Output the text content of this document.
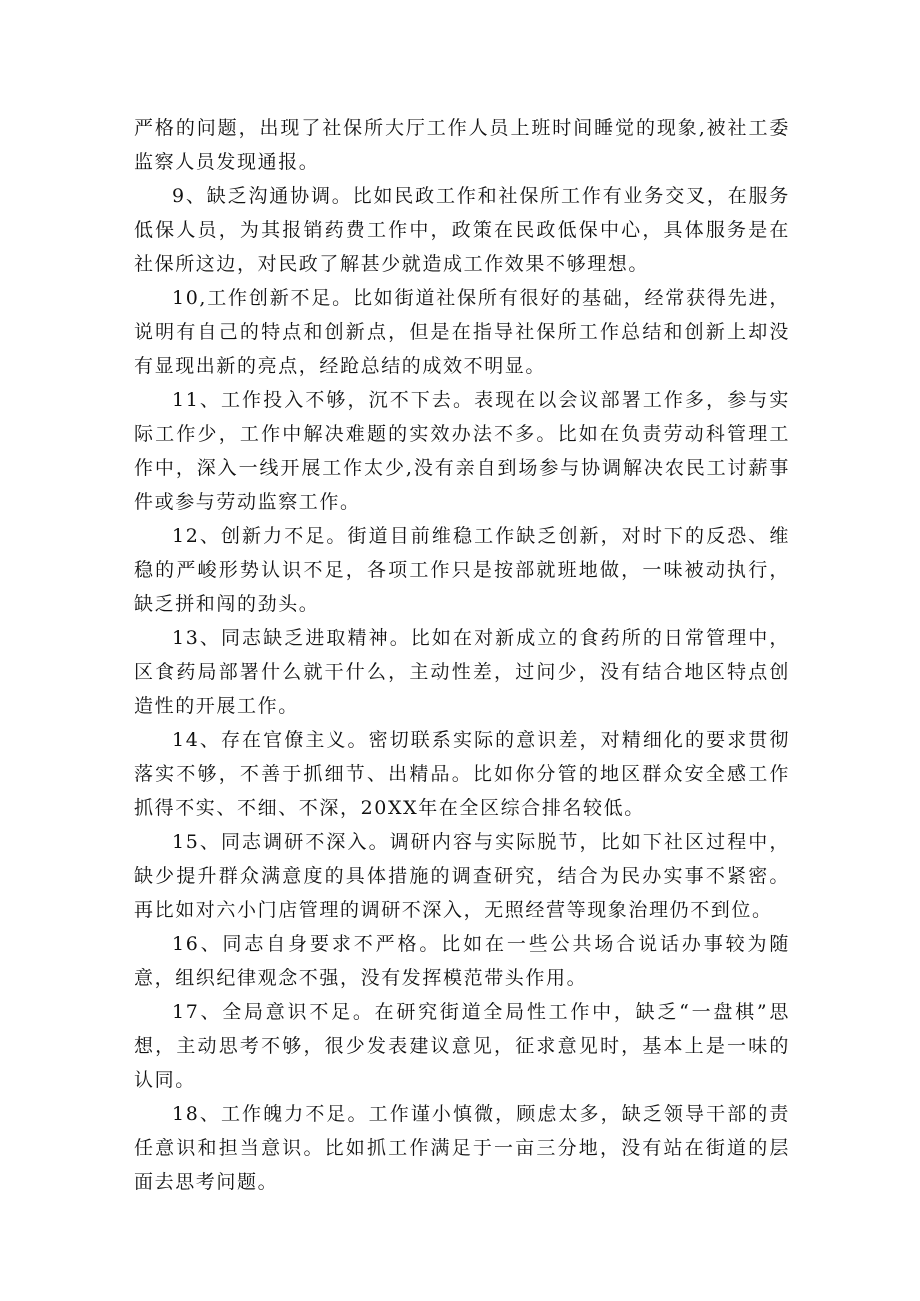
严格的问题，出现了社保所大厅工作人员上班时间睡觉的现象,被社工委监察人员发现通报。

9、缺乏沟通协调。比如民政工作和社保所工作有业务交叉，在服务低保人员，为其报销药费工作中，政策在民政低保中心，具体服务是在社保所这边，对民政了解甚少就造成工作效果不够理想。

10,工作创新不足。比如街道社保所有很好的基础，经常获得先进，说明有自己的特点和创新点，但是在指导社保所工作总结和创新上却没有显现出新的亮点，经跄总结的成效不明显。

11、工作投入不够，沉不下去。表现在以会议部署工作多，参与实际工作少，工作中解决难题的实效办法不多。比如在负责劳动科管理工作中，深入一线开展工作太少,没有亲自到场参与协调解决农民工讨薪事件或参与劳动监察工作。

12、创新力不足。街道目前维稳工作缺乏创新，对时下的反恐、维稳的严峻形势认识不足，各项工作只是按部就班地做，一味被动执行，缺乏拼和闯的劲头。

13、同志缺乏进取精神。比如在对新成立的食药所的日常管理中，区食药局部署什么就干什么，主动性差，过问少，没有结合地区特点创造性的开展工作。

14、存在官僚主义。密切联系实际的意识差，对精细化的要求贯彻落实不够，不善于抓细节、出精品。比如你分管的地区群众安全感工作抓得不实、不细、不深，20XX年在全区综合排名较低。

15、同志调研不深入。调研内容与实际脱节，比如下社区过程中，缺少提升群众满意度的具体措施的调查研究，结合为民办实事不紧密。再比如对六小门店管理的调研不深入，无照经营等现象治理仍不到位。

16、同志自身要求不严格。比如在一些公共场合说话办事较为随意，组织纪律观念不强，没有发挥模范带头作用。

17、全局意识不足。在研究街道全局性工作中，缺乏“一盘棋”思想，主动思考不够，很少发表建议意见，征求意见时，基本上是一味的认同。

18、工作魄力不足。工作谨小慎微，顾虑太多，缺乏领导干部的责任意识和担当意识。比如抓工作满足于一亩三分地，没有站在街道的层面去思考问题。
